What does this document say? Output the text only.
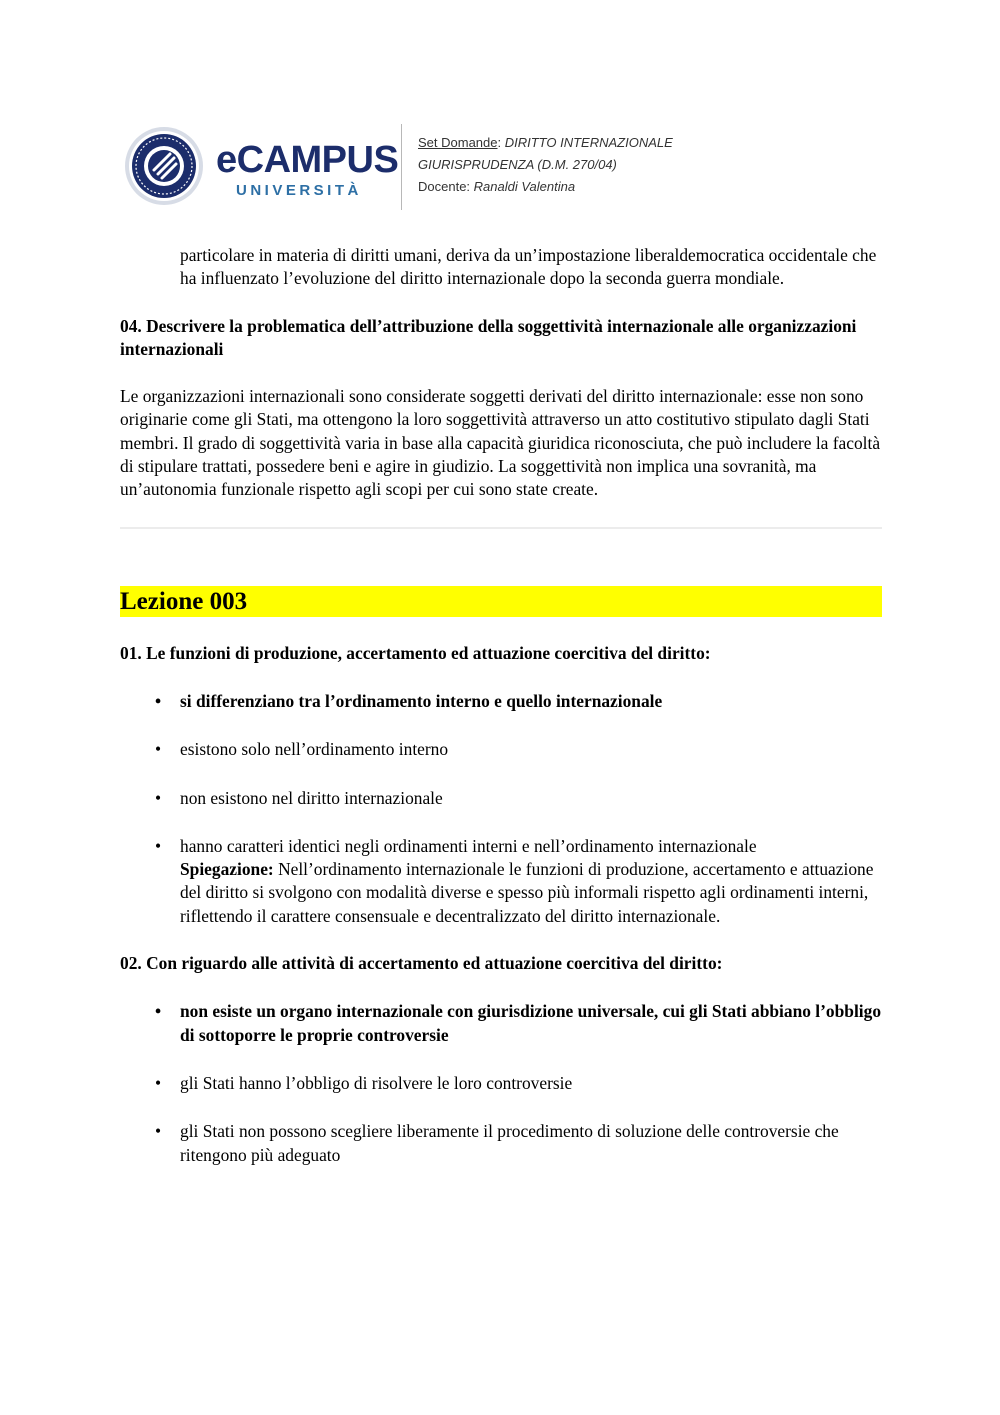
eCAMPUS
UNIVERSITÀ
Set Domande: DIRITTO INTERNAZIONALE
GIURISPRUDENZA (D.M. 270/04)
Docente: Ranaldi Valentina

particolare in materia di diritti umani, deriva da un’impostazione liberaldemocratica occidentale che ha influenzato l’evoluzione del diritto internazionale dopo la seconda guerra mondiale.

04. Descrivere la problematica dell’attribuzione della soggettività internazionale alle organizzazioni internazionali

Le organizzazioni internazionali sono considerate soggetti derivati del diritto internazionale: esse non sono originarie come gli Stati, ma ottengono la loro soggettività attraverso un atto costitutivo stipulato dagli Stati membri. Il grado di soggettività varia in base alla capacità giuridica riconosciuta, che può includere la facoltà di stipulare trattati, possedere beni e agire in giudizio. La soggettività non implica una sovranità, ma un’autonomia funzionale rispetto agli scopi per cui sono state create.

Lezione 003

01. Le funzioni di produzione, accertamento ed attuazione coercitiva del diritto:

• si differenziano tra l’ordinamento interno e quello internazionale
• esistono solo nell’ordinamento interno
• non esistono nel diritto internazionale
• hanno caratteri identici negli ordinamenti interni e nell’ordinamento internazionale
Spiegazione: Nell’ordinamento internazionale le funzioni di produzione, accertamento e attuazione del diritto si svolgono con modalità diverse e spesso più informali rispetto agli ordinamenti interni, riflettendo il carattere consensuale e decentralizzato del diritto internazionale.

02. Con riguardo alle attività di accertamento ed attuazione coercitiva del diritto:

• non esiste un organo internazionale con giurisdizione universale, cui gli Stati abbiano l’obbligo di sottoporre le proprie controversie
• gli Stati hanno l’obbligo di risolvere le loro controversie
• gli Stati non possono scegliere liberamente il procedimento di soluzione delle controversie che ritengono più adeguato
